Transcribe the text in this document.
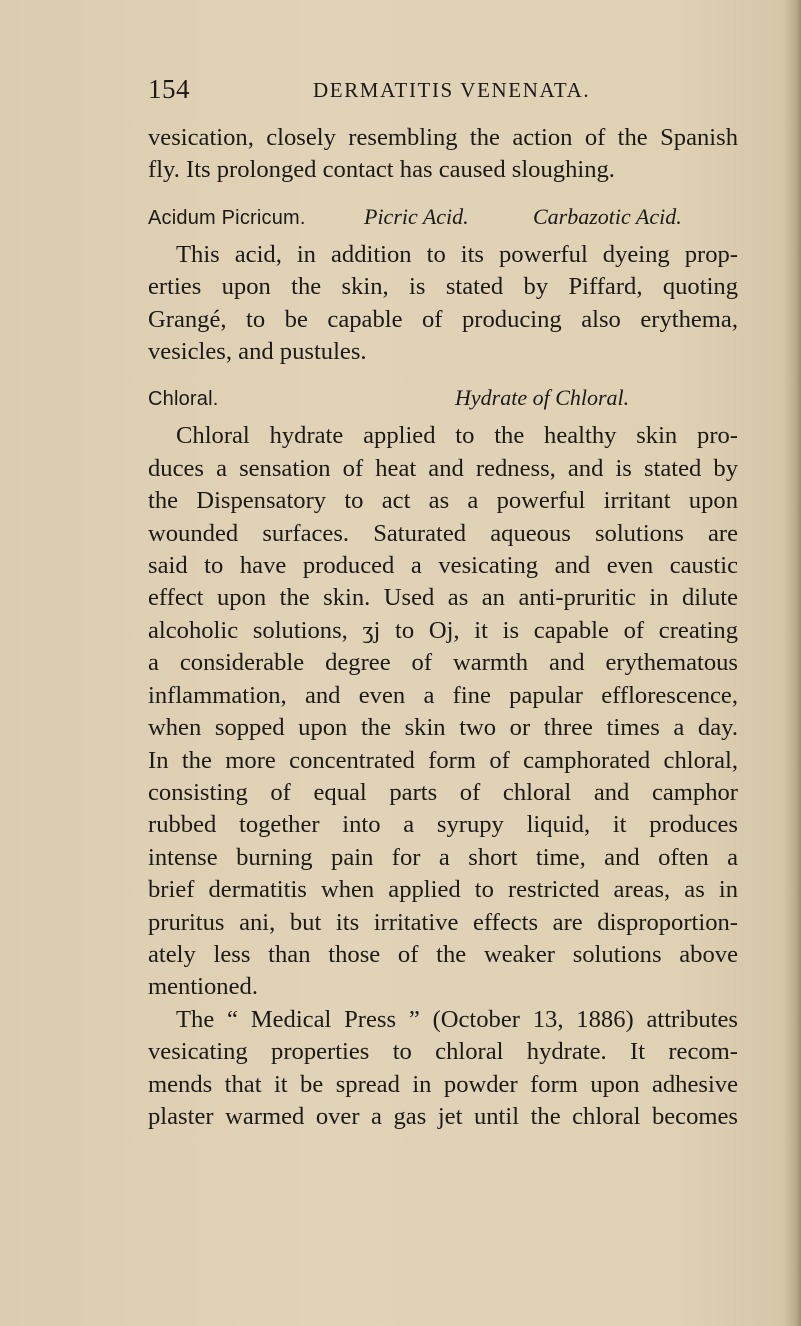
154	DERMATITIS VENENATA.
vesication, closely resembling the action of the Spanish
fly. Its prolonged contact has caused sloughing.
Acidum Picricum.	Picric Acid.	Carbazotic Acid.
This acid, in addition to its powerful dyeing prop-
erties upon the skin, is stated by Piffard, quoting
Grangé, to be capable of producing also erythema,
vesicles, and pustules.
Chloral.	Hydrate of Chloral.
Chloral hydrate applied to the healthy skin pro-
duces a sensation of heat and redness, and is stated by
the Dispensatory to act as a powerful irritant upon
wounded surfaces. Saturated aqueous solutions are
said to have produced a vesicating and even caustic
effect upon the skin. Used as an anti-pruritic in dilute
alcoholic solutions, ʒj to Oj, it is capable of creating
a considerable degree of warmth and erythematous
inflammation, and even a fine papular efflorescence,
when sopped upon the skin two or three times a day.
In the more concentrated form of camphorated chloral,
consisting of equal parts of chloral and camphor
rubbed together into a syrupy liquid, it produces
intense burning pain for a short time, and often a
brief dermatitis when applied to restricted areas, as in
pruritus ani, but its irritative effects are disproportion-
ately less than those of the weaker solutions above
mentioned.
The “ Medical Press ” (October 13, 1886) attributes
vesicating properties to chloral hydrate. It recom-
mends that it be spread in powder form upon adhesive
plaster warmed over a gas jet until the chloral becomes
